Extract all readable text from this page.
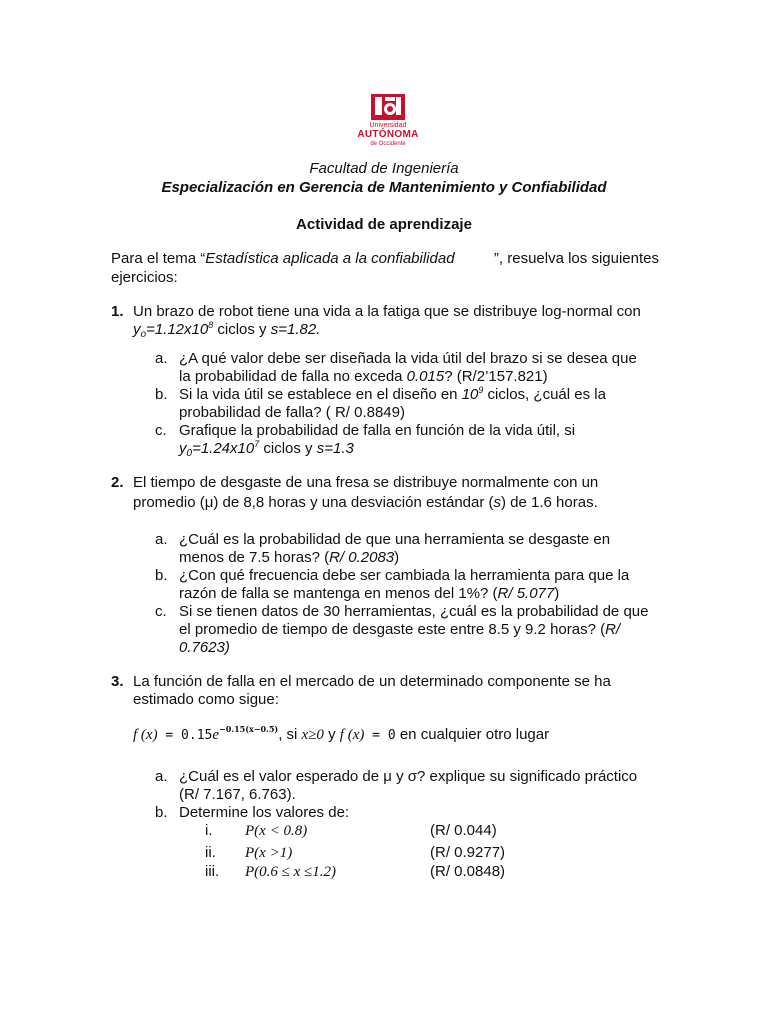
Universidad
AUTÓNOMA
de Occidente
Facultad de Ingeniería
Especialización en Gerencia de Mantenimiento y Confiabilidad
Actividad de aprendizaje
Para el tema “Estadística aplicada a la confiabilidad	”, resuelva los siguientes
ejercicios:
1. Un brazo de robot tiene una vida a la fatiga que se distribuye log-normal con
$y_o=1.12x10^8$ ciclos y s=1.82.
a. ¿A qué valor debe ser diseñada la vida útil del brazo si se desea que
la probabilidad de falla no exceda 0.015? (R/2’157.821)
b. Si la vida útil se establece en el diseño en $10^9$ ciclos, ¿cuál es la
probabilidad de falla? ( R/ 0.8849)
c. Grafique la probabilidad de falla en función de la vida útil, si
$y_0=1.24x10^7$ ciclos y s=1.3
2. El tiempo de desgaste de una fresa se distribuye normalmente con un
promedio (μ) de 8,8 horas y una desviación estándar (s) de 1.6 horas.
a. ¿Cuál es la probabilidad de que una herramienta se desgaste en
menos de 7.5 horas? (R/ 0.2083)
b. ¿Con qué frecuencia debe ser cambiada la herramienta para que la
razón de falla se mantenga en menos del 1%? (R/ 5.077)
c. Si se tienen datos de 30 herramientas, ¿cuál es la probabilidad de que
el promedio de tiempo de desgaste este entre 8.5 y 9.2 horas? (R/
0.7623)
3. La función de falla en el mercado de un determinado componente se ha
estimado como sigue:
f $(x) = 0.15e^{-0.15(x-0.5)}$, si x≥0 y f (x) = 0 en cualquier otro lugar
a. ¿Cuál es el valor esperado de μ y σ? explique su significado práctico
(R/ 7.167, 6.763).
b. Determine los valores de:
i. P(x < 0.8)	(R/ 0.044)
ii. P(x >1)	(R/ 0.9277)
iii. P(0.6 ≤ x ≤1.2)	(R/ 0.0848)
